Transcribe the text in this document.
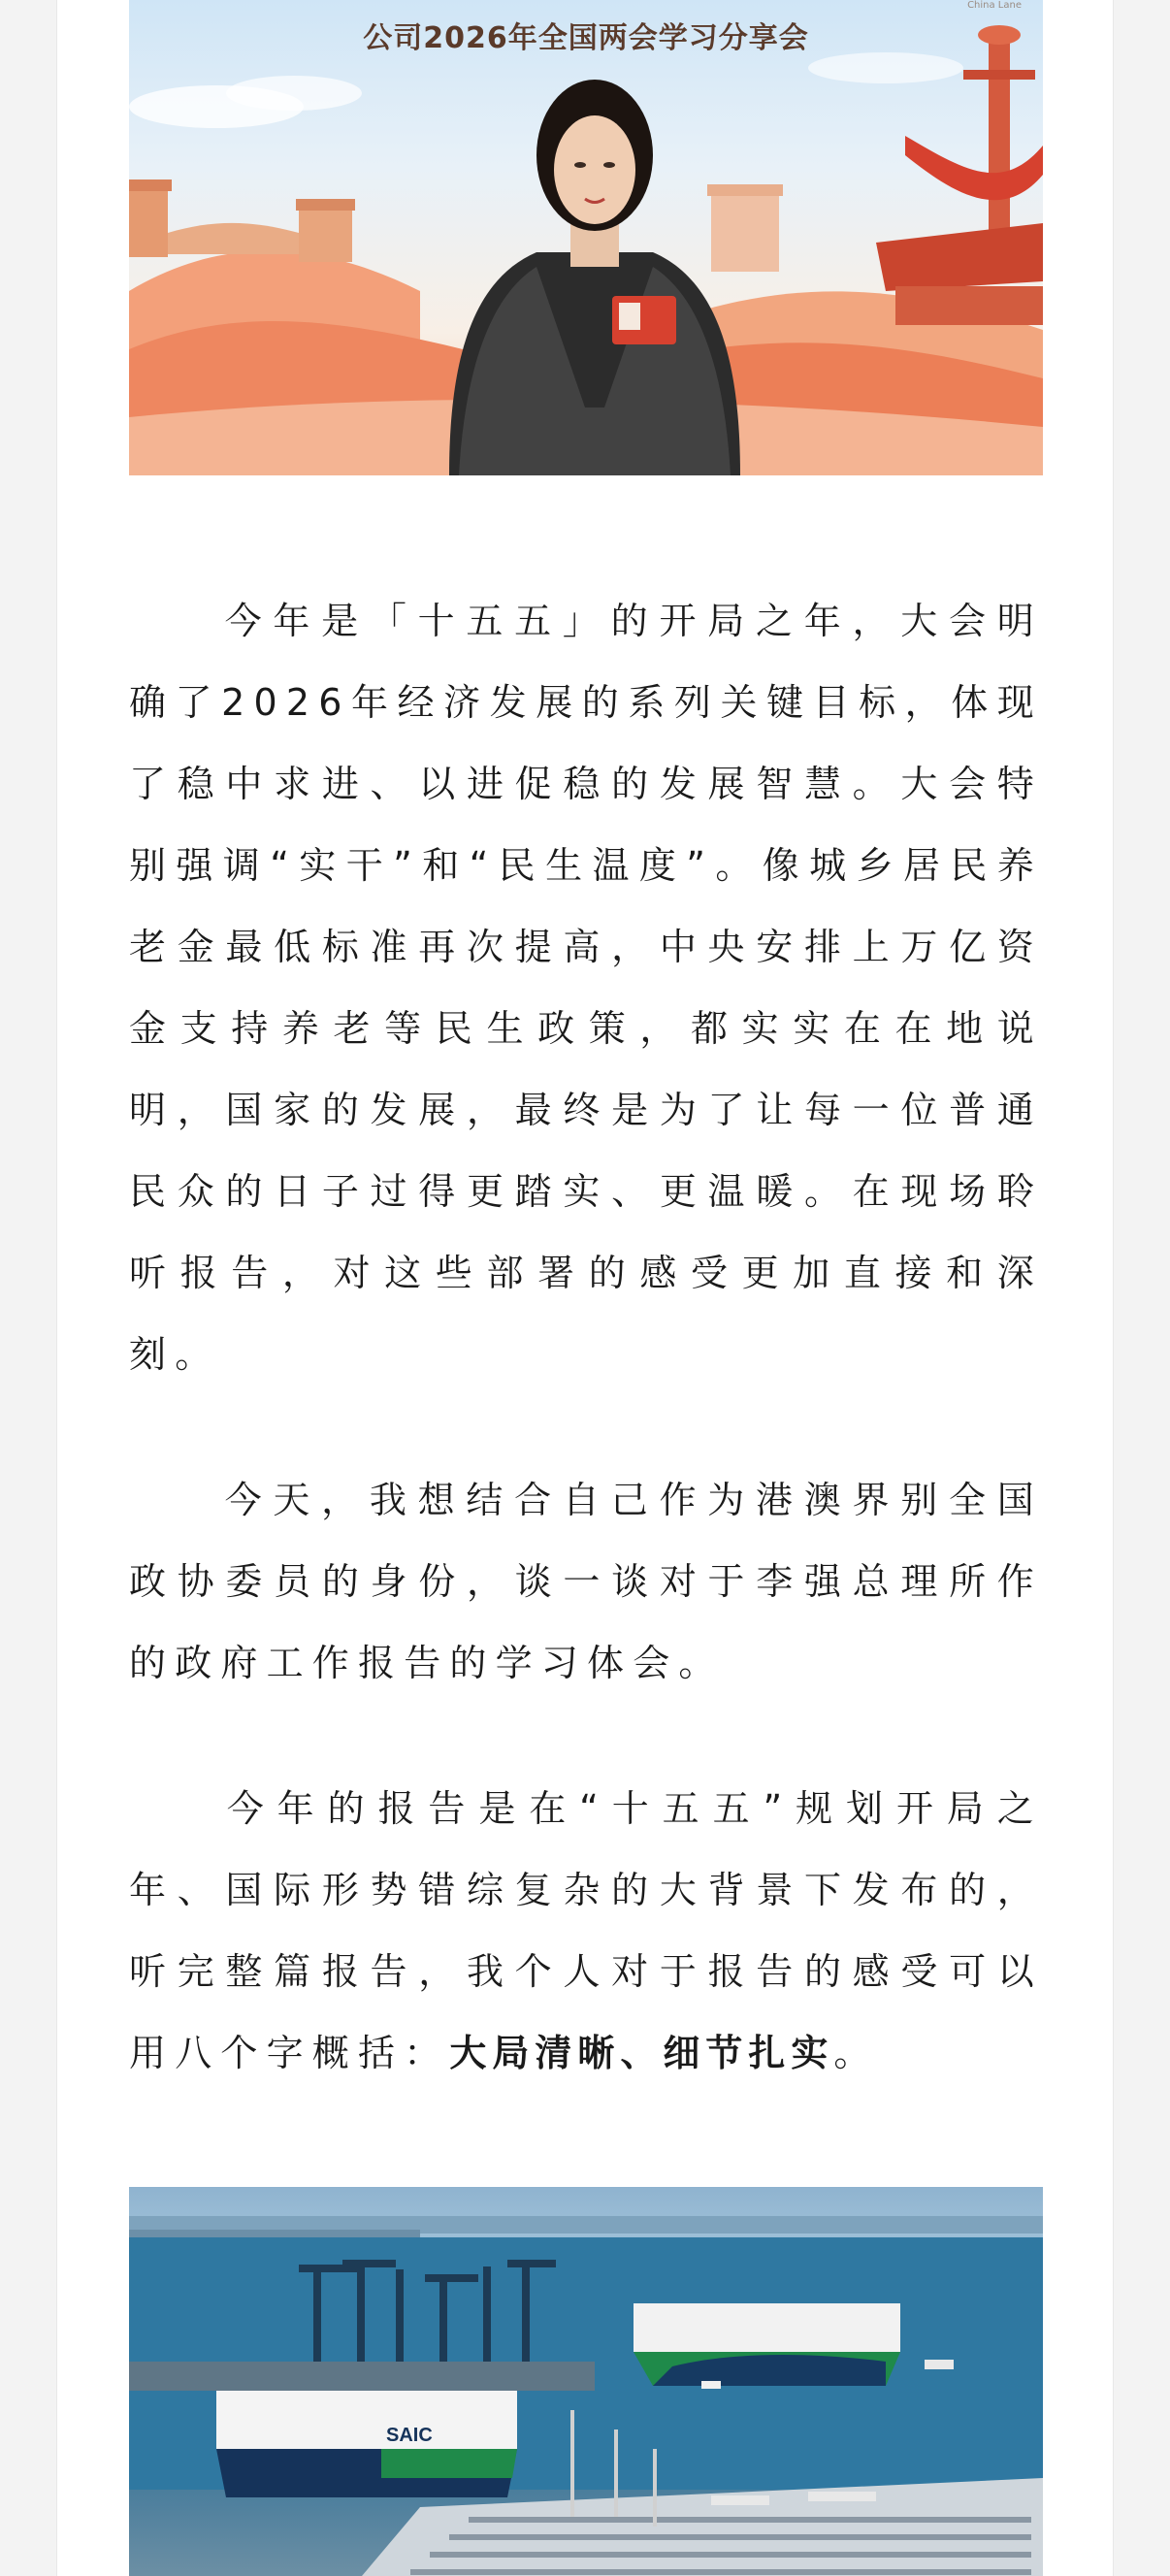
公司2026年全国两会学习分享会
China Lane

今年是「十五五」的开局之年，大会明确了2026年经济发展的系列关键目标，体现了稳中求进、以进促稳的发展智慧。大会特别强调“实干”和“民生温度”。像城乡居民养老金最低标准再次提高，中央安排上万亿资金支持养老等民生政策，都实实在在地说明，国家的发展，最终是为了让每一位普通民众的日子过得更踏实、更温暖。在现场聆听报告，对这些部署的感受更加直接和深刻。

今天，我想结合自己作为港澳界别全国政协委员的身份，谈一谈对于李强总理所作的政府工作报告的学习体会。

今年的报告是在“十五五”规划开局之年、国际形势错综复杂的大背景下发布的，听完整篇报告，我个人对于报告的感受可以用八个字概括：大局清晰、细节扎实。

SAIC
